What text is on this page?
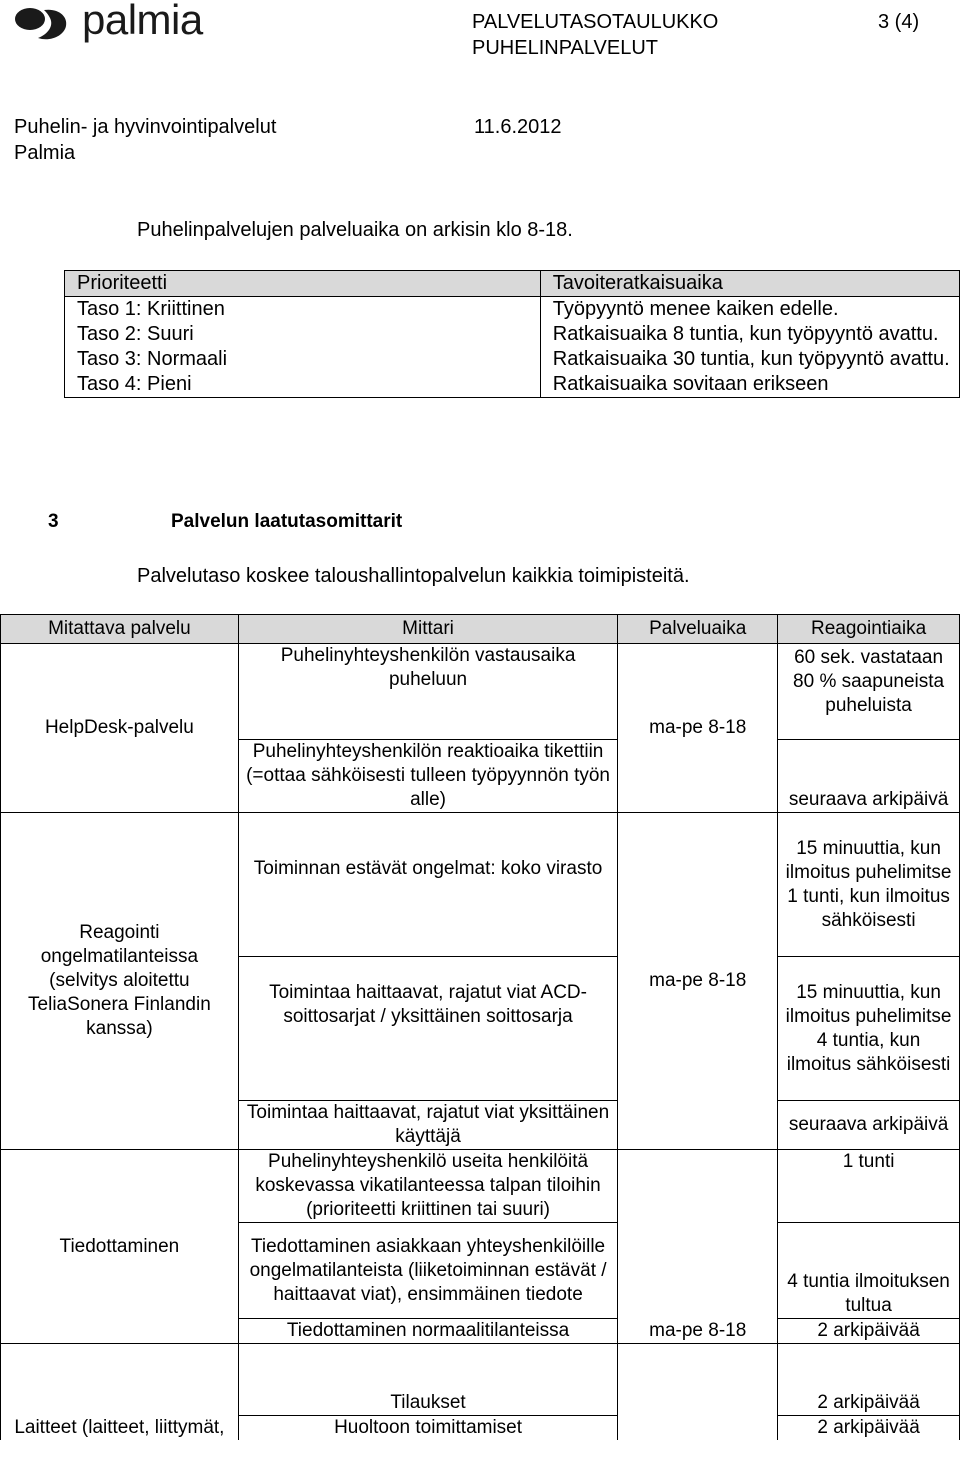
palmia	PALVELUTASOTAULUKKO
PUHELINPALVELUT
3 (4)
Puhelin- ja hyvinvointipalvelut
Palmia
11.6.2012
Puhelinpalvelujen palveluaika on arkisin klo 8-18.
Prioriteetti	Tavoiteratkaisuaika
Taso 1: Kriittinen	Työpyyntö menee kaiken edelle.
Taso 2: Suuri	Ratkaisuaika 8 tuntia, kun työpyyntö avattu.
Taso 3: Normaali	Ratkaisuaika 30 tuntia, kun työpyyntö avattu.
Taso 4: Pieni	Ratkaisuaika sovitaan erikseen
3	Palvelun laatutasomittarit
Palvelutaso koskee taloushallintopalvelun kaikkia toimipisteitä.
Mitattava palvelu	Mittari	Palveluaika	Reagointiaika
HelpDesk-palvelu	Puhelinyhteyshenkilön vastausaika puheluun	ma-pe 8-18	60 sek. vastataan 80 % saapuneista puheluista
	Puhelinyhteyshenkilön reaktioaika tikettiin (=ottaa sähköisesti tulleen työpyynnön työn alle)		seuraava arkipäivä
Reagointi ongelmatilanteissa (selvitys aloitettu TeliaSonera Finlandin kanssa)	Toiminnan estävät ongelmat: koko virasto	ma-pe 8-18	15 minuuttia, kun ilmoitus puhelimitse 1 tunti, kun ilmoitus sähköisesti
	Toimintaa haittaavat, rajatut viat ACD-soittosarjat / yksittäinen soittosarja		15 minuuttia, kun ilmoitus puhelimitse 4 tuntia, kun ilmoitus sähköisesti
	Toimintaa haittaavat, rajatut viat yksittäinen käyttäjä		seuraava arkipäivä
Tiedottaminen	Puhelinyhteyshenkilö useita henkilöitä koskevassa vikatilanteessa talpan tiloihin (prioriteetti kriittinen tai suuri)		1 tunti
	Tiedottaminen asiakkaan yhteyshenkilöille ongelmatilanteista (liiketoiminnan estävät / haittaavat viat), ensimmäinen tiedote		4 tuntia ilmoituksen tultua
	Tiedottaminen normaalitilanteissa	ma-pe 8-18	2 arkipäivää
Laitteet (laitteet, liittymät,	Tilaukset		2 arkipäivää
	Huoltoon toimittamiset		2 arkipäivää
